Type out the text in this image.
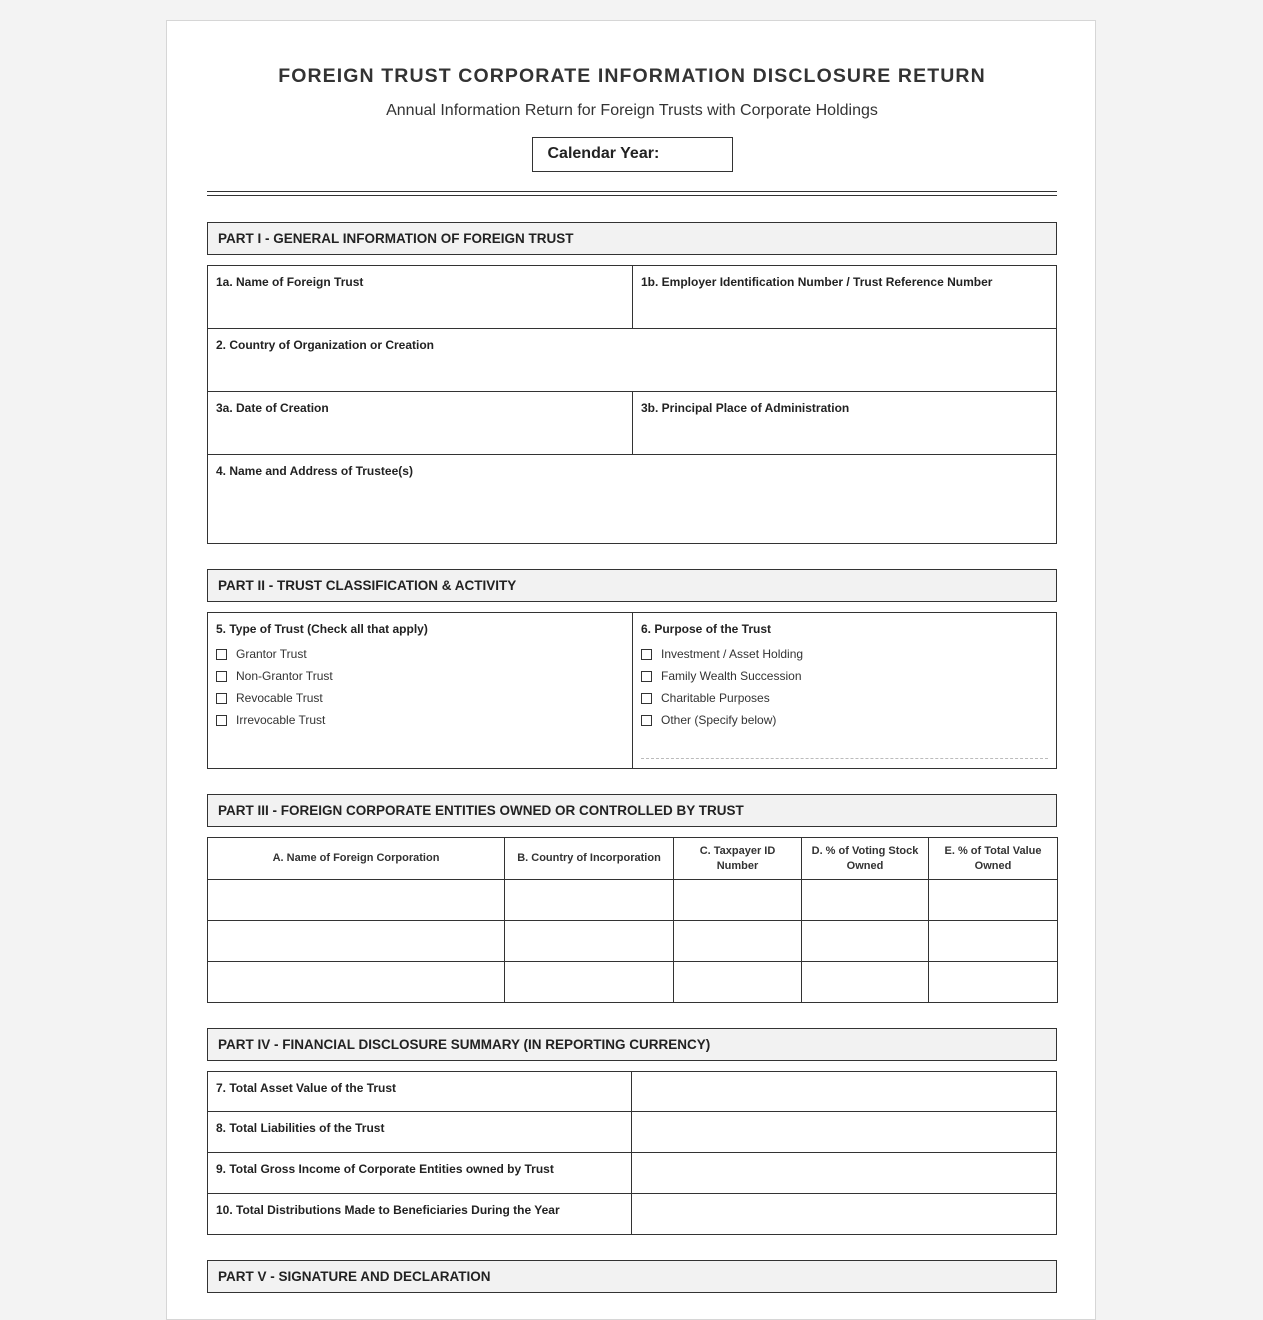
FOREIGN TRUST CORPORATE INFORMATION DISCLOSURE RETURN
Annual Information Return for Foreign Trusts with Corporate Holdings
Calendar Year:
PART I - GENERAL INFORMATION OF FOREIGN TRUST
1a. Name of Foreign Trust	1b. Employer Identification Number / Trust Reference Number
2. Country of Organization or Creation
3a. Date of Creation	3b. Principal Place of Administration
4. Name and Address of Trustee(s)
PART II - TRUST CLASSIFICATION & ACTIVITY
5. Type of Trust (Check all that apply)
Grantor Trust
Non-Grantor Trust
Revocable Trust
Irrevocable Trust
6. Purpose of the Trust
Investment / Asset Holding
Family Wealth Succession
Charitable Purposes
Other (Specify below)
PART III - FOREIGN CORPORATE ENTITIES OWNED OR CONTROLLED BY TRUST
A. Name of Foreign Corporation	B. Country of Incorporation	C. Taxpayer ID Number	D. % of Voting Stock Owned	E. % of Total Value Owned

PART IV - FINANCIAL DISCLOSURE SUMMARY (IN REPORTING CURRENCY)
7. Total Asset Value of the Trust
8. Total Liabilities of the Trust
9. Total Gross Income of Corporate Entities owned by Trust
10. Total Distributions Made to Beneficiaries During the Year
PART V - SIGNATURE AND DECLARATION
